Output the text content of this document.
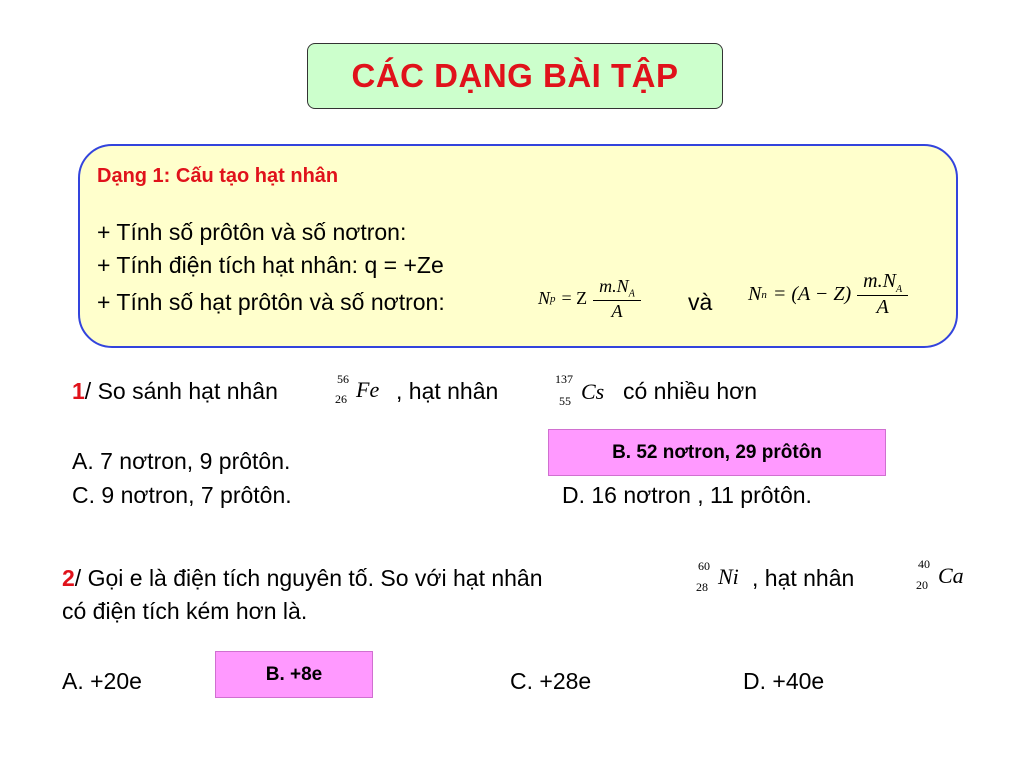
CÁC DẠNG BÀI TẬP
Dạng 1: Cấu tạo hạt nhân
+ Tính số prôtôn và số nơtron:
+ Tính điện tích hạt nhân: q = +Ze
+ Tính số hạt prôtôn và số nơtron:	N p = Z $\frac{m.N_A}{A}$ và N $n = (A - Z) \frac{m.N_A}{A}$
1/ So sánh hạt nhân	56
26 Fe , hạt nhân	137
55 Cs có nhiều hơn
A. 7 nơtron, 9 prôtôn.	B. 52 nơtron, 29 prôtôn
C. 9 nơtron, 7 prôtôn.	D. 16 nơtron , 11 prôtôn.
2/ Gọi e là điện tích nguyên tố. So với hạt nhân	60
28 Ni , hạt nhân
40
20 Ca
có điện tích kém hơn là.
A. +20e	B. +8e	C. +28e	D. +40e
